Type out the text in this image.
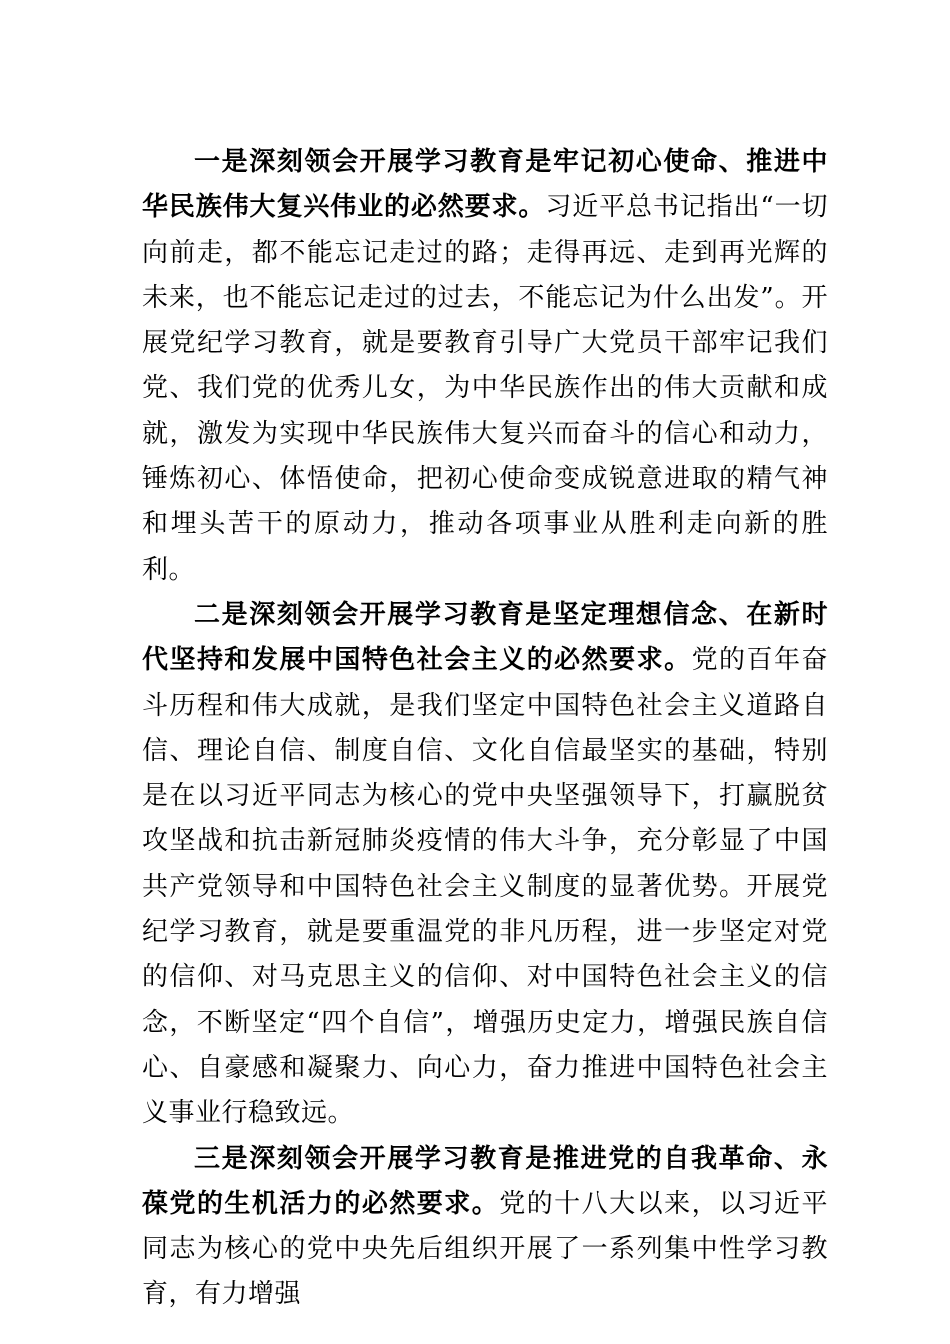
一是深刻领会开展学习教育是牢记初心使命、推进中华民族伟大复兴伟业的必然要求。习近平总书记指出“一切向前走，都不能忘记走过的路；走得再远、走到再光辉的未来，也不能忘记走过的过去，不能忘记为什么出发”。开展党纪学习教育，就是要教育引导广大党员干部牢记我们党、我们党的优秀儿女，为中华民族作出的伟大贡献和成就，激发为实现中华民族伟大复兴而奋斗的信心和动力，锤炼初心、体悟使命，把初心使命变成锐意进取的精气神和埋头苦干的原动力，推动各项事业从胜利走向新的胜利。

二是深刻领会开展学习教育是坚定理想信念、在新时代坚持和发展中国特色社会主义的必然要求。党的百年奋斗历程和伟大成就，是我们坚定中国特色社会主义道路自信、理论自信、制度自信、文化自信最坚实的基础，特别是在以习近平同志为核心的党中央坚强领导下，打赢脱贫攻坚战和抗击新冠肺炎疫情的伟大斗争，充分彰显了中国共产党领导和中国特色社会主义制度的显著优势。开展党纪学习教育，就是要重温党的非凡历程，进一步坚定对党的信仰、对马克思主义的信仰、对中国特色社会主义的信念，不断坚定“四个自信”，增强历史定力，增强民族自信心、自豪感和凝聚力、向心力，奋力推进中国特色社会主义事业行稳致远。

三是深刻领会开展学习教育是推进党的自我革命、永葆党的生机活力的必然要求。党的十八大以来，以习近平同志为核心的党中央先后组织开展了一系列集中性学习教育，有力增强
